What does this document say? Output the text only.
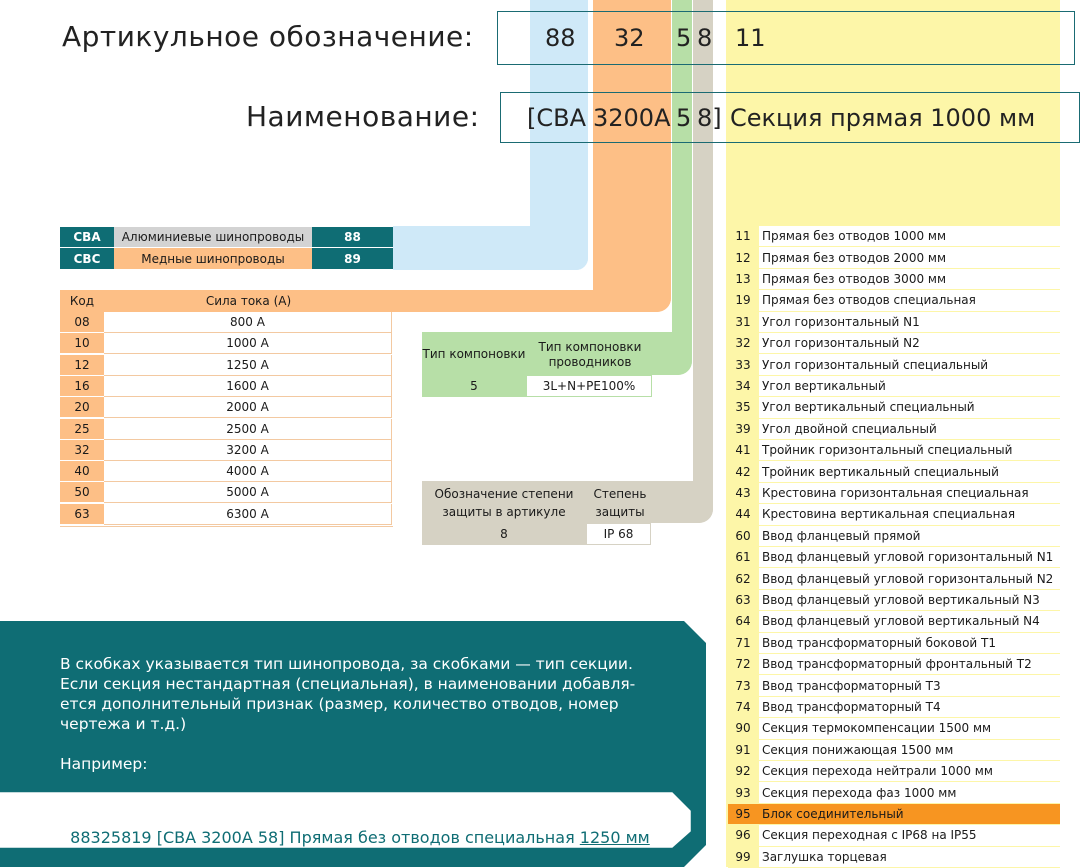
Артикульное обозначение:	88 32 5 8 11
Наименование: [СВА 3200А 5 8] Секция прямая 1000 мм
СВА	Алюминиевые шинопроводы	88
СВС	Медные шинопроводы	89
Код	Сила тока (А)
08	800 А
10	1000 А
12	1250 А
16	1600 А
20	2000 А
25	2500 А
32	3200 А
40	4000 А
50	5000 А
63	6300 А
Тип компоновки	Тип компоновки проводников
5	3L+N+PE100%
Обозначение степени защиты в артикуле
Степень защиты
8	IP 68
11 Прямая без отводов 1000 мм
12 Прямая без отводов 2000 мм
13 Прямая без отводов 3000 мм
19 Прямая без отводов специальная
31 Угол горизонтальный N1
32 Угол горизонтальный N2
33 Угол горизонтальный специальный
34 Угол вертикальный
35 Угол вертикальный специальный
39 Угол двойной специальный
41 Тройник горизонтальный специальный
42 Тройник вертикальный специальный
43 Крестовина горизонтальная специальная
44 Крестовина вертикальная специальная
60 Ввод фланцевый прямой
61 Ввод фланцевый угловой горизонтальный N1
62 Ввод фланцевый угловой горизонтальный N2
63 Ввод фланцевый угловой вертикальный N3
64 Ввод фланцевый угловой вертикальный N4
71 Ввод трансформаторный боковой Т1
72 Ввод трансформаторный фронтальный Т2
73 Ввод трансформаторный Т3
74 Ввод трансформаторный Т4
90 Секция термокомпенсации 1500 мм
91 Секция понижающая 1500 мм
92 Секция перехода нейтрали 1000 мм
93 Секция перехода фаз 1000 мм
95 Блок соединительный
96 Секция переходная с IP68 на IP55
99 Заглушка торцевая
В скобках указывается тип шинопровода, за скобками — тип секции.
Если секция нестандартная (специальная), в наименовании добавля-
ется дополнительный признак (размер, количество отводов, номер
чертежа и т.д.)
Например:

88325819 [СВА 3200А 58] Прямая без отводов специальная 1250 мм
